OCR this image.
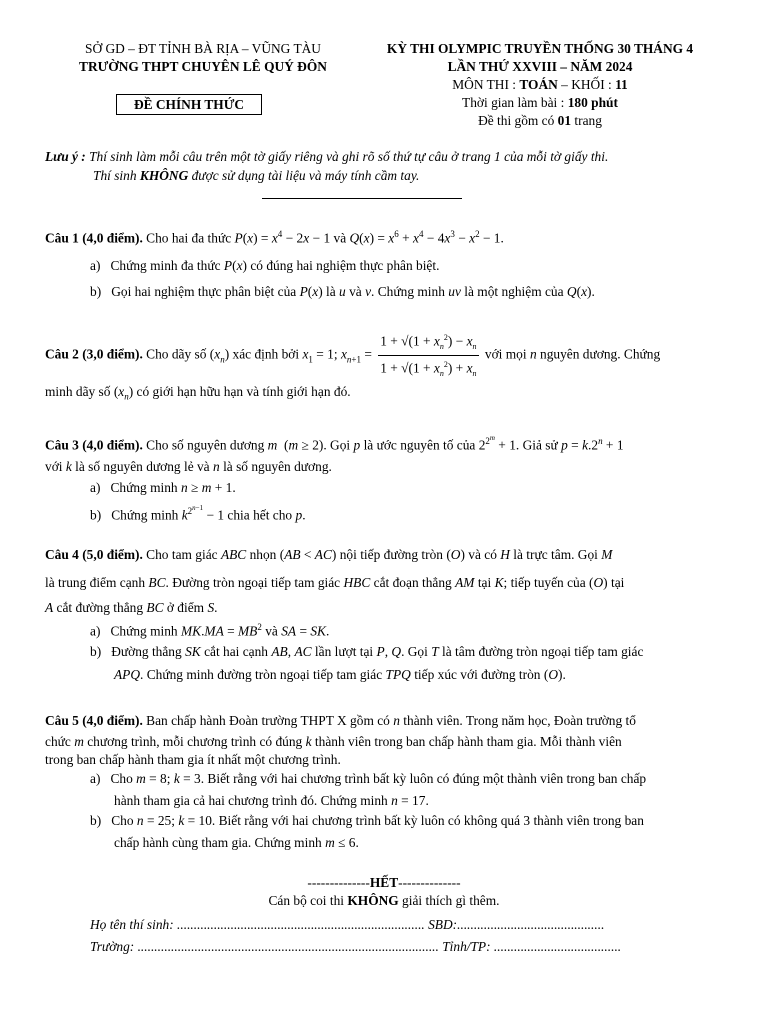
SỞ GD – ĐT TỈNH BÀ RỊA – VŨNG TÀU
TRƯỜNG THPT CHUYÊN LÊ QUÝ ĐÔN
ĐỀ CHÍNH THỨC
KỲ THI OLYMPIC TRUYỀN THỐNG 30 THÁNG 4
LẦN THỨ XXVIII – NĂM 2024
MÔN THI : TOÁN – KHỐI : 11
Thời gian làm bài : 180 phút
Đề thi gồm có 01 trang
Lưu ý : Thí sinh làm mỗi câu trên một tờ giấy riêng và ghi rõ số thứ tự câu ở trang 1 của mỗi tờ giấy thi.
Thí sinh KHÔNG được sử dụng tài liệu và máy tính cầm tay.
Câu 1 (4,0 điểm). Cho hai đa thức $P(x) = x^4 - 2x - 1$ và $Q(x) = x^6 + x^4 - 4x^3 - x^2 - 1$.
a)   Chứng minh đa thức P(x) có đúng hai nghiệm thực phân biệt.
b)   Gọi hai nghiệm thực phân biệt của P(x) là u và v. Chứng minh uv là một nghiệm của Q(x).
Câu 2 (3,0 điểm). Cho dãy số $(x_n)$ xác định bởi $x_1 = 1$; $x_{n+1} = \frac{1 + √(1 + x_n^2) - x_n}{1 + √(1 + x_n^2) + x_n}$ với mọi n nguyên dương. Chứng
minh dãy số $(x_n)$ có giới hạn hữu hạn và tính giới hạn đó.
Câu 3 (4,0 điểm). Cho số nguyên dương m  (m ≥ 2). Gọi p là ước nguyên tố của $2^{2^m} + 1$. Giả sử $p = k.2^n + 1$
với k là số nguyên dương lẻ và n là số nguyên dương.
a)   Chứng minh n ≥ m + 1.
b)   Chứng minh $k^{2^{n-1}} - 1$ chia hết cho p.
Câu 4 (5,0 điểm). Cho tam giác ABC nhọn (AB < AC) nội tiếp đường tròn (O) và có H là trực tâm. Gọi M
là trung điểm cạnh BC. Đường tròn ngoại tiếp tam giác HBC cắt đoạn thẳng AM tại K; tiếp tuyến của (O) tại
A cắt đường thẳng BC ở điểm S.
a)   Chứng minh $MK.MA = MB^2$ và SA = SK.
b)   Đường thẳng SK cắt hai cạnh AB, AC lần lượt tại P, Q. Gọi T là tâm đường tròn ngoại tiếp tam giác
APQ. Chứng minh đường tròn ngoại tiếp tam giác TPQ tiếp xúc với đường tròn (O).
Câu 5 (4,0 điểm). Ban chấp hành Đoàn trường THPT X gồm có n thành viên. Trong năm học, Đoàn trường tổ
chức m chương trình, mỗi chương trình có đúng k thành viên trong ban chấp hành tham gia. Mỗi thành viên
trong ban chấp hành tham gia ít nhất một chương trình.
a)   Cho m = 8; k = 3. Biết rằng với hai chương trình bất kỳ luôn có đúng một thành viên trong ban chấp
hành tham gia cả hai chương trình đó. Chứng minh n = 17.
b)   Cho n = 25; k = 10. Biết rằng với hai chương trình bất kỳ luôn có không quá 3 thành viên trong ban
chấp hành cùng tham gia. Chứng minh m ≤ 6.
--------------HẾT--------------
Cán bộ coi thi KHÔNG giải thích gì thêm.
Họ tên thí sinh: .......................................................................... SBD:............................................
Trường: .......................................................................................... Tỉnh/TP: ......................................
